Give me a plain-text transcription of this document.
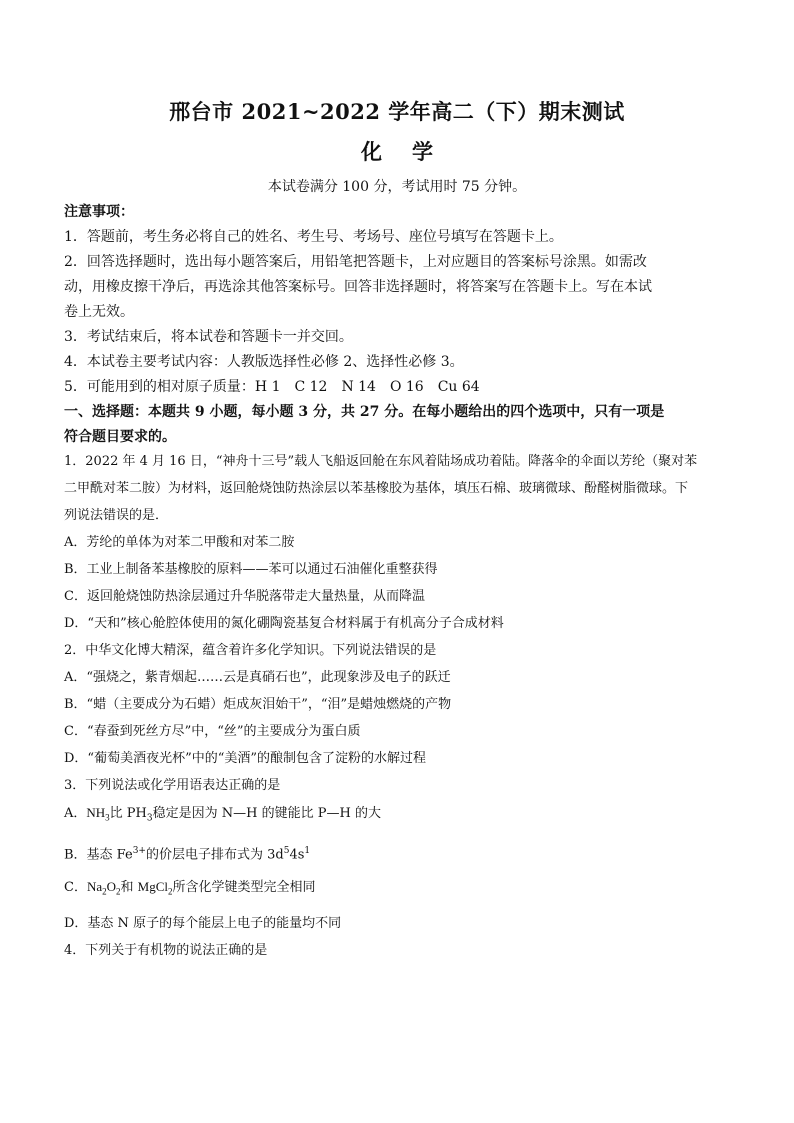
邢台市 2021~2022 学年高二（下）期末测试
化学
本试卷满分 100 分，考试用时 75 分钟。
注意事项：
1．答题前，考生务必将自己的姓名、考生号、考场号、座位号填写在答题卡上。
2．回答选择题时，选出每小题答案后，用铅笔把答题卡，上对应题目的答案标号涂黑。如需改
动，用橡皮擦干净后，再选涂其他答案标号。回答非选择题时，将答案写在答题卡上。写在本试
卷上无效。
3．考试结束后，将本试卷和答题卡一并交回。
4．本试卷主要考试内容：人教版选择性必修 2、选择性必修 3。
5．可能用到的相对原子质量：H 1　C 12　N 14　O 16　Cu 64
一、选择题：本题共 9 小题，每小题 3 分，共 27 分。在每小题给出的四个选项中，只有一项是
符合题目要求的。
1．2022 年 4 月 16 日，“神舟十三号”载人飞船返回舱在东风着陆场成功着陆。降落伞的伞面以芳纶（聚对苯
二甲酰对苯二胺）为材料，返回舱烧蚀防热涂层以苯基橡胶为基体，填压石棉、玻璃微球、酚醛树脂微球。下
列说法错误的是．
A．芳纶的单体为对苯二甲酸和对苯二胺
B．工业上制备苯基橡胶的原料——苯可以通过石油催化重整获得
C．返回舱烧蚀防热涂层通过升华脱落带走大量热量，从而降温
D．“天和”核心舱腔体使用的氮化硼陶瓷基复合材料属于有机高分子合成材料
2．中华文化博大精深，蕴含着许多化学知识。下列说法错误的是
A．“强烧之，紫青烟起……云是真硝石也”，此现象涉及电子的跃迁
B．“蜡（主要成分为石蜡）炬成灰泪始干”，“泪”是蜡烛燃烧的产物
C．“春蚕到死丝方尽”中，“丝”的主要成分为蛋白质
D．“葡萄美酒夜光杯”中的“美酒”的酿制包含了淀粉的水解过程
3．下列说法或化学用语表达正确的是
A．$NH_3$比 $PH_3$稳定是因为 N—H 的键能比 P—H 的大
B．基态 $Fe^{3+}$的价层电子排布式为 $3d^54s^1$
C．$Na_2O_2$和 MgCl$_2$所含化学键类型完全相同
D．基态 N 原子的每个能层上电子的能量均不同
4．下列关于有机物的说法正确的是
